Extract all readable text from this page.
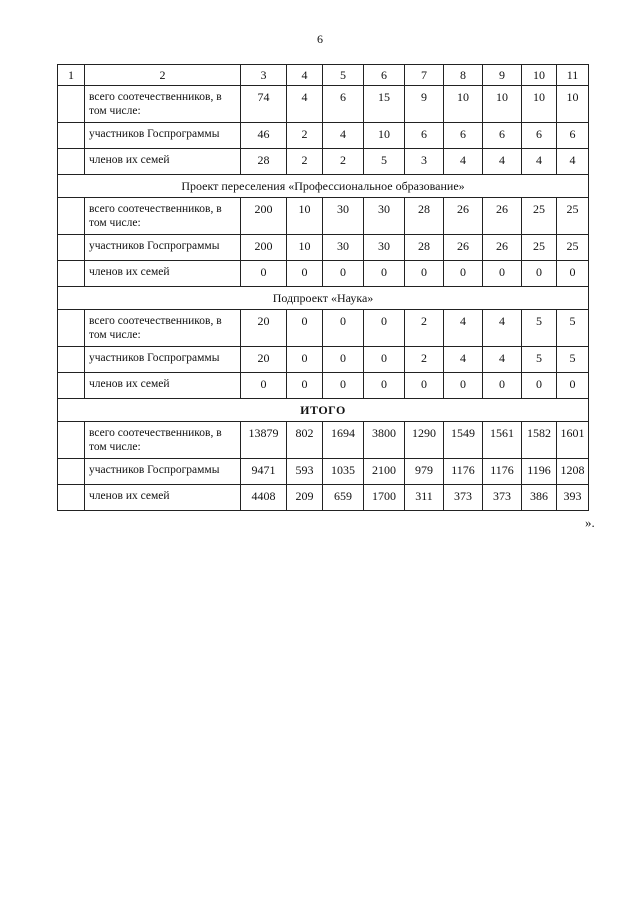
6
1	2	3	4	5	6	7	8	9	10	11
	всего соотечественников, в том числе:	74	4	6	15	9	10	10	10	10
	участников Госпрограммы	46	2	4	10	6	6	6	6	6
	членов их семей	28	2	2	5	3	4	4	4	4
Проект переселения «Профессиональное образование»										
	всего соотечественников, в том числе:	200	10	30	30	28	26	26	25	25
	участников Госпрограммы	200	10	30	30	28	26	26	25	25
	членов их семей	0	0	0	0	0	0	0	0	0
Подпроект «Наука»										
	всего соотечественников, в том числе:	20	0	0	0	2	4	4	5	5
	участников Госпрограммы	20	0	0	0	2	4	4	5	5
	членов их семей	0	0	0	0	0	0	0	0	0
ИТОГО										
	всего соотечественников, в том числе:	13879	802	1694	3800	1290	1549	1561	1582	1601
	участников Госпрограммы	9471	593	1035	2100	979	1176	1176	1196	1208
	членов их семей	4408	209	659	1700	311	373	373	386	393
».
